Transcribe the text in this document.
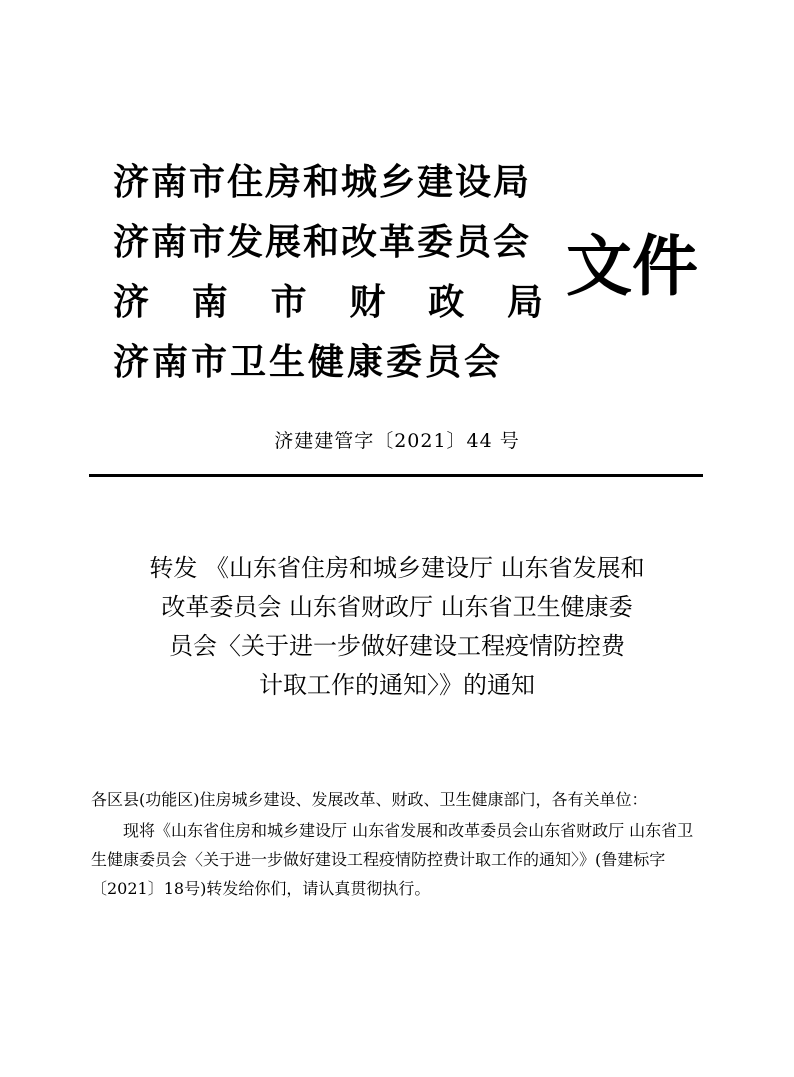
济南市住房和城乡建设局
济南市发展和改革委员会
济 南 市 财 政 局
济南市卫生健康委员会
文件
济建建管字〔2021〕44 号
转发 《山东省住房和城乡建设厅 山东省发展和
改革委员会 山东省财政厅 山东省卫生健康委
员会〈关于进一步做好建设工程疫情防控费
计取工作的通知〉》的通知

各区县(功能区)住房城乡建设、发展改革、财政、卫生健康部门，各有关单位：

现将《山东省住房和城乡建设厅 山东省发展和改革委员会山东省财政厅 山东省卫生健康委员会〈关于进一步做好建设工程疫情防控费计取工作的通知〉》(鲁建标字〔2021〕18号)转发给你们，请认真贯彻执行。
